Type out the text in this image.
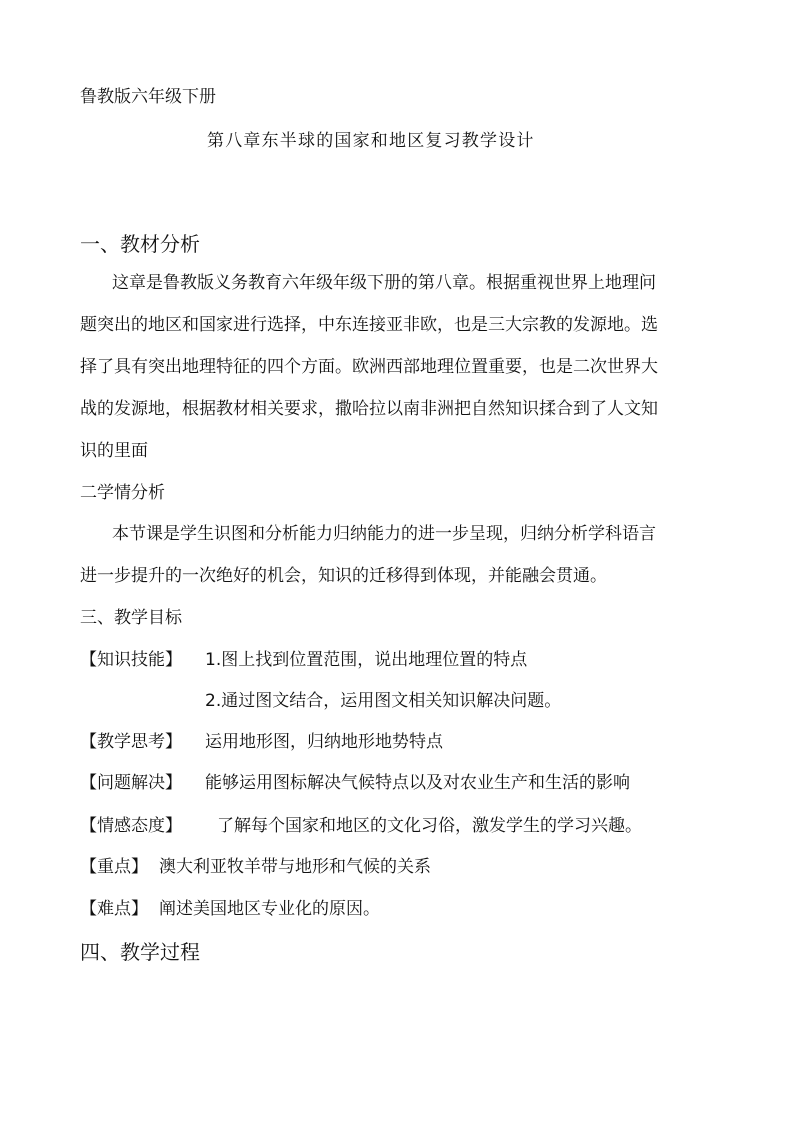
鲁教版六年级下册
第八章东半球的国家和地区复习教学设计
一、教材分析
这章是鲁教版义务教育六年级年级下册的第八章。根据重视世界上地理问
题突出的地区和国家进行选择，中东连接亚非欧，也是三大宗教的发源地。选
择了具有突出地理特征的四个方面。欧洲西部地理位置重要，也是二次世界大
战的发源地，根据教材相关要求，撒哈拉以南非洲把自然知识揉合到了人文知
识的里面
二学情分析
本节课是学生识图和分析能力归纳能力的进一步呈现，归纳分析学科语言
进一步提升的一次绝好的机会，知识的迁移得到体现，并能融会贯通。
三、教学目标
【知识技能】 1.图上找到位置范围，说出地理位置的特点
2.通过图文结合，运用图文相关知识解决问题。
【教学思考】 运用地形图，归纳地形地势特点
【问题解决】 能够运用图标解决气候特点以及对农业生产和生活的影响
【情感态度】 了解每个国家和地区的文化习俗，激发学生的学习兴趣。
【重点】 澳大利亚牧羊带与地形和气候的关系
【难点】 阐述美国地区专业化的原因。
四、教学过程
